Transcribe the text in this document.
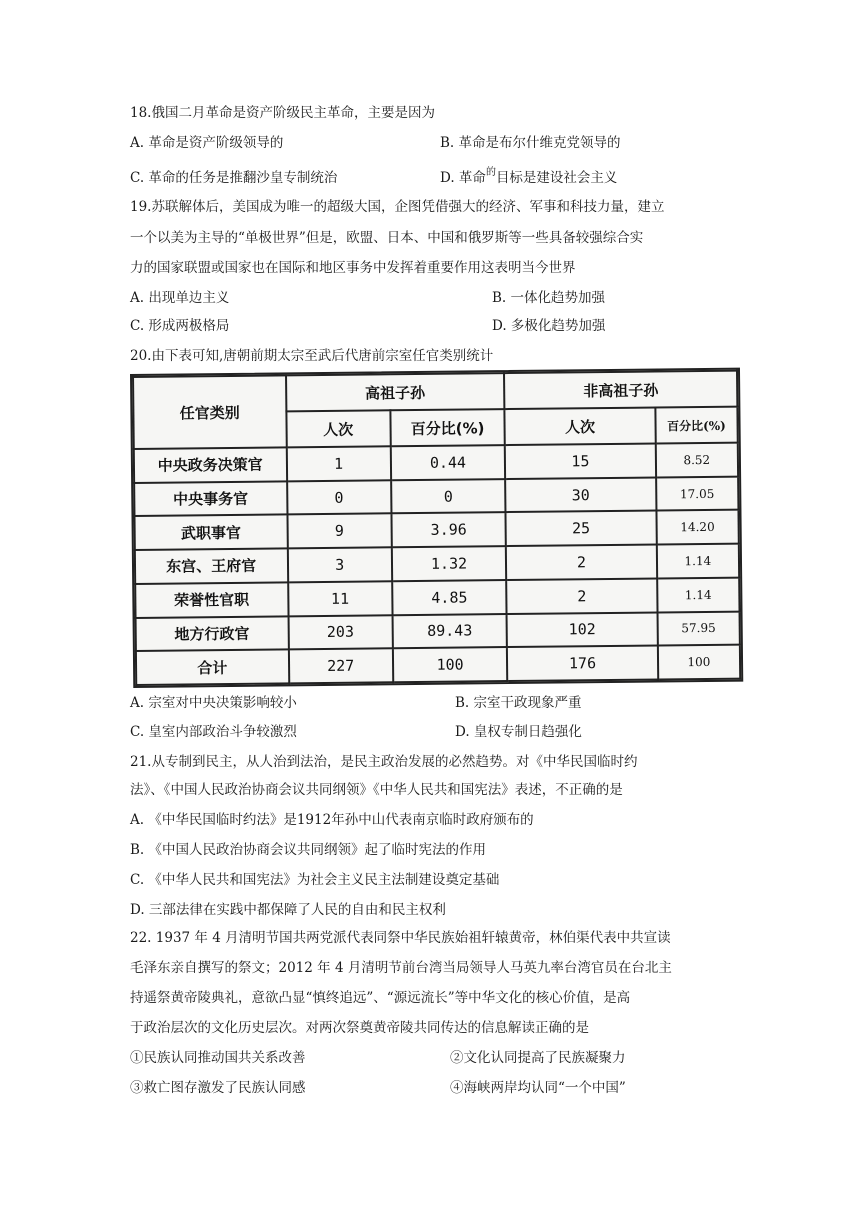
18.俄国二月革命是资产阶级民主革命，主要是因为
A. 革命是资产阶级领导的	B. 革命是布尔什维克党领导的
C. 革命的任务是推翻沙皇专制统治	D. 革命$^的$目标是建设社会主义
19.苏联解体后，美国成为唯一的超级大国，企图凭借强大的经济、军事和科技力量，建立
一个以美为主导的“单极世界”但是，欧盟、日本、中国和俄罗斯等一些具备较强综合实
力的国家联盟或国家也在国际和地区事务中发挥着重要作用这表明当今世界
A. 出现单边主义	B. 一体化趋势加强
C. 形成两极格局	D. 多极化趋势加强
20.由下表可知,唐朝前期太宗至武后代唐前宗室任官类别统计
任官类别	高祖子孙		非高祖子孙	
	人次	百分比(%)	人次	百分比(%)
中央政务决策官	1	0.44	15	8.52
中央事务官	0	0	30	17.05
武职事官	9	3.96	25	14.20
东宫、王府官	3	1.32	2	1.14
荣誉性官职	11	4.85	2	1.14
地方行政官	203	89.43	102	57.95
合计	227	100	176	100
A. 宗室对中央决策影响较小	B. 宗室干政现象严重
C. 皇室内部政治斗争较激烈	D. 皇权专制日趋强化
21.从专制到民主，从人治到法治，是民主政治发展的必然趋势。对《中华民国临时约
法》、《中国人民政治协商会议共同纲领》《中华人民共和国宪法》表述，不正确的是
A. 《中华民国临时约法》是1912年孙中山代表南京临时政府颁布的
B. 《中国人民政治协商会议共同纲领》起了临时宪法的作用
C. 《中华人民共和国宪法》为社会主义民主法制建设奠定基础
D. 三部法律在实践中都保障了人民的自由和民主权利
22. 1937 年 4 月清明节国共两党派代表同祭中华民族始祖轩辕黄帝，林伯渠代表中共宣读
毛泽东亲自撰写的祭文；2012 年 4 月清明节前台湾当局领导人马英九率台湾官员在台北主
持遥祭黄帝陵典礼，意欲凸显“慎终追远”、“源远流长”等中华文化的核心价值，是高
于政治层次的文化历史层次。对两次祭奠黄帝陵共同传达的信息解读正确的是
①民族认同推动国共关系改善	②文化认同提高了民族凝聚力
③救亡图存激发了民族认同感	④海峡两岸均认同“一个中国”
